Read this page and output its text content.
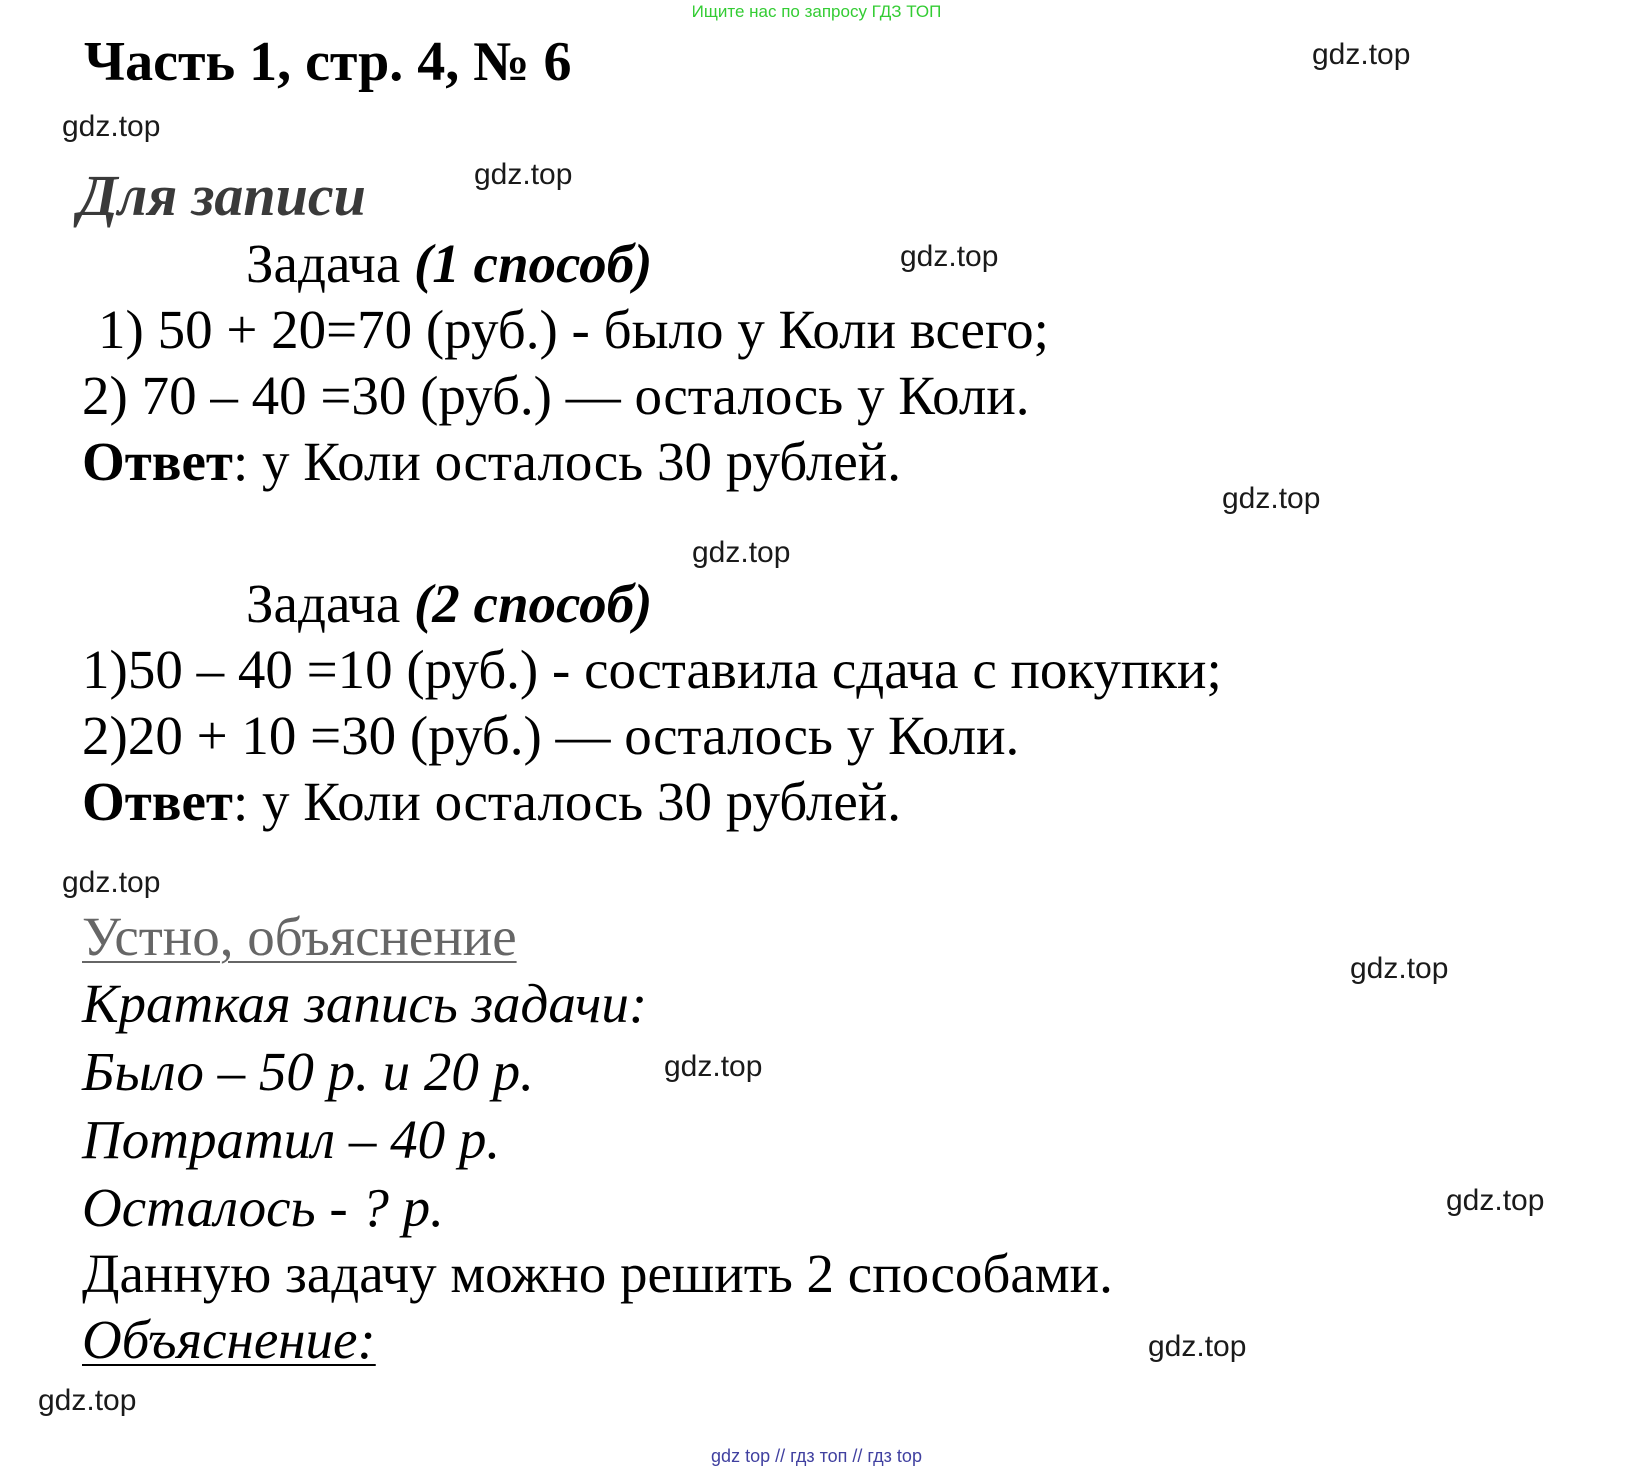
Ищите нас по запросу ГДЗ ТОП
Часть 1, стр. 4, № 6
Для записи
Задача (1 способ)
1) 50 + 20=70 (руб.) - было у Коли всего;
2) 70 – 40 =30 (руб.) — осталось у Коли.
Ответ: у Коли осталось 30 рублей.
Задача (2 способ)
1)50 – 40 =10 (руб.) - составила сдача с покупки;
2)20 + 10 =30 (руб.) — осталось у Коли.
Ответ: у Коли осталось 30 рублей.
Устно, объяснение
Краткая запись задачи:
Было – 50 р. и 20 р.
Потратил – 40 р.
Осталось - ? р.
Данную задачу можно решить 2 способами.
Объяснение:
gdz.top
gdz.top
gdz.top
gdz.top
gdz.top
gdz.top
gdz.top
gdz.top
gdz.top
gdz.top
gdz.top
gdz.top
gdz top // гдз топ // гдз top
